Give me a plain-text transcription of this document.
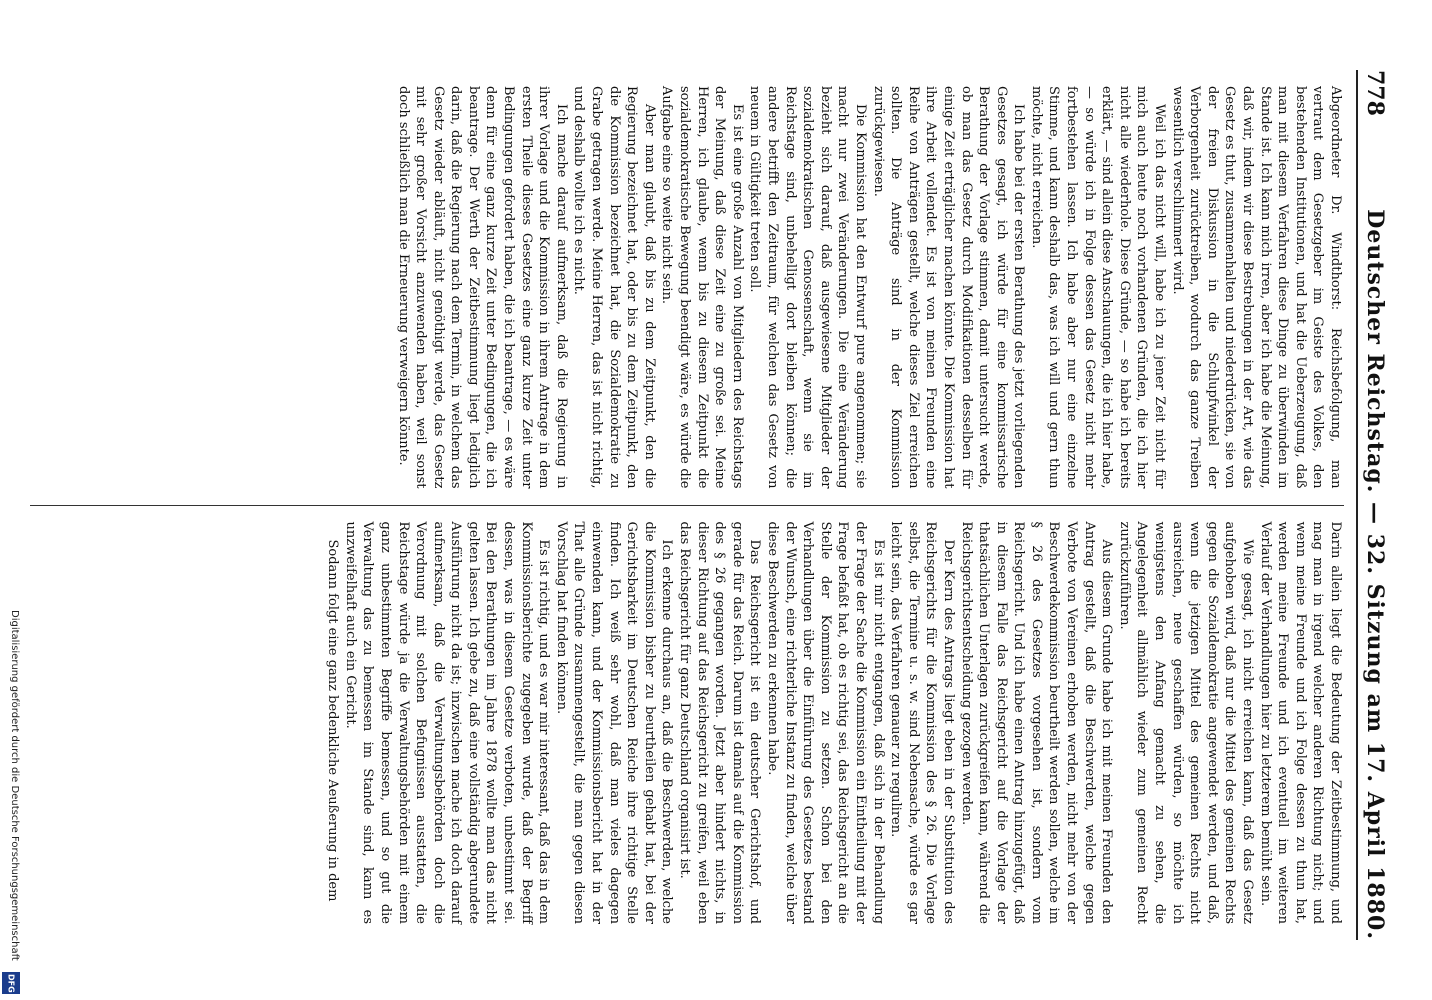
778
Deutscher Reichstag. — 32. Sitzung am 17. April 1880.

Abgeordneter Dr. Windthorst: Reichsbefolgung, man vertraut dem Gesetzgeber im Geiste des Volkes, den bestehenden Institutionen, und hat die Ueberzeugung, daß man mit diesem Verfahren diese Dinge zu überwinden im Stande ist. Ich kann mich irren, aber ich habe die Meinung, daß wir, indem wir diese Bestrebungen in der Art, wie das Gesetz es thut, zusammenhalten und niederdrücken, sie von der freien Diskussion in die Schlupfwinkel der Verborgenheit zurücktreiben, wodurch das ganze Treiben wesentlich verschlimmert wird.

Weil ich das nicht will, habe ich zu jener Zeit nicht für mich auch heute noch vorhandenen Gründen, die ich hier nicht alle wiederhole. Diese Gründe, — so habe ich bereits erklärt, — sind allein diese Anschauungen, die ich hier habe, — so würde ich in Folge dessen das Gesetz nicht mehr fortbestehen lassen. Ich habe aber nur eine einzelne Stimme, und kann deshalb das, was ich will und gern thun möchte, nicht erreichen.

Ich habe bei der ersten Berathung des jetzt vorliegenden Gesetzes gesagt, ich würde für eine kommissarische Berathung der Vorlage stimmen, damit untersucht werde, ob man das Gesetz durch Modifikationen desselben für einige Zeit erträglicher machen könnte. Die Kommission hat ihre Arbeit vollendet. Es ist von meinen Freunden eine Reihe von Anträgen gestellt, welche dieses Ziel erreichen sollten. Die Anträge sind in der Kommission zurückgewiesen.

Die Kommission hat den Entwurf pure angenommen; sie macht nur zwei Veränderungen. Die eine Veränderung bezieht sich darauf, daß ausgewiesene Mitglieder der sozialdemokratischen Genossenschaft, wenn sie im Reichstage sind, unbehelligt dort bleiben können; die andere betrifft den Zeitraum, für welchen das Gesetz von neuem in Gültigkeit treten soll.

Es ist eine große Anzahl von Mitgliedern des Reichstags der Meinung, daß diese Zeit eine zu große sei. Meine Herren, ich glaube, wenn bis zu diesem Zeitpunkt die sozialdemokratische Bewegung beendigt wäre, es würde die Aufgabe eine so weite nicht sein.

Aber man glaubt, daß bis zu dem Zeitpunkt, den die Regierung bezeichnet hat, oder bis zu dem Zeitpunkt, den die Kommission bezeichnet hat, die Sozialdemokratie zu Grabe getragen werde. Meine Herren, das ist nicht richtig, und deshalb wollte ich es nicht.

Ich mache darauf aufmerksam, daß die Regierung in ihrer Vorlage und die Kommission in ihrem Antrage in dem ersten Theile dieses Gesetzes eine ganz kurze Zeit unter Bedingungen gefordert haben, die ich beantrage, — es wäre denn für eine ganz kurze Zeit unter Bedingungen, die ich beantrage. Der Werth der Zeitbestimmung liegt lediglich darin, daß die Regierung nach dem Termin, in welchem das Gesetz wieder abläuft, nicht genöthigt werde, das Gesetz mit sehr großer Vorsicht anzuwenden haben, weil sonst doch schließlich man die Erneuerung verweigern könnte.

Darin allein liegt die Bedeutung der Zeitbestimmung, und mag man in irgend welcher anderen Richtung nicht; und wenn meine Freunde und ich Folge dessen zu thun hat, werden meine Freunde und ich eventuell im weiteren Verlauf der Verhandlungen hier zu letzterem bemüht sein.

Wie gesagt, ich nicht erreichen kann, daß das Gesetz aufgehoben wird, daß nur die Mittel des gemeinen Rechts gegen die Sozialdemokratie angewendet werden, und daß, wenn die jetzigen Mittel des gemeinen Rechts nicht ausreichen, neue geschaffen würden, so möchte ich wenigstens den Anfang gemacht zu sehen, die Angelegenheit allmählich wieder zum gemeinen Recht zurückzuführen.

Aus diesem Grunde habe ich mit meinen Freunden den Antrag gestellt, daß die Beschwerden, welche gegen Verbote von Vereinen erhoben werden, nicht mehr von der Beschwerdekommission beurtheilt werden sollen, welche im § 26 des Gesetzes vorgesehen ist, sondern vom Reichsgericht. Und ich habe einen Antrag hinzugefügt, daß in diesem Falle das Reichsgericht auf die Vorlage der thatsächlichen Unterlagen zurückgreifen kann, während die Reichsgerichtsentscheidung gezogen werden.

Der Kern des Antrags liegt eben in der Substitution des Reichsgerichts für die Kommission des § 26. Die Vorlage selbst, die Termine u. s. w. sind Nebensache, würde es gar leicht sein, das Verfahren genauer zu reguliren.

Es ist mir nicht entgangen, daß sich in der Behandlung der Frage der Sache die Kommission ein Eintheilung mit der Frage befaßt hat, ob es richtig sei, das Reichsgericht an die Stelle der Kommission zu setzen. Schon bei den Verhandlungen über die Einführung des Gesetzes bestand der Wunsch, eine richterliche Instanz zu finden, welche über diese Beschwerden zu erkennen habe.

Das Reichsgericht ist ein deutscher Gerichtshof, und gerade für das Reich. Darum ist damals auf die Kommission des § 26 gegangen worden. Jetzt aber hindert nichts, in dieser Richtung auf das Reichsgericht zu greifen, weil eben das Reichsgericht für ganz Deutschland organisirt ist.

Ich erkenne durchaus an, daß die Beschwerden, welche die Kommission bisher zu beurtheilen gehabt hat, bei der Gerichtsbarkeit im Deutschen Reiche ihre richtige Stelle finden. Ich weiß sehr wohl, daß man vieles dagegen einwenden kann, und der Kommissionsbericht hat in der That alle Gründe zusammengestellt, die man gegen diesen Vorschlag hat finden können.

Es ist richtig, und es war mir interessant, daß das in dem Kommissionsberichte zugegeben wurde, daß der Begriff dessen, was in diesem Gesetze verboten, unbestimmt sei. Bei den Berathungen im Jahre 1878 wollte man das nicht gelten lassen. Ich gebe zu, daß eine vollständig abgerundete Ausführung nicht da ist; inzwischen mache ich doch darauf aufmerksam, daß die Verwaltungsbehörden doch die Verordnung mit solchen Befugnissen ausstatten, die Reichstage würde ja die Verwaltungsbehörden mit einem ganz unbestimmten Begriffe bemessen, und so gut die Verwaltung das zu bemessen im Stande sind, kann es unzweifelhaft auch ein Gericht.

Sodann folgt eine ganz bedenkliche Aeußerung in dem

Digitalisierung gefördert durch die Deutsche Forschungsgemeinschaft
DFG
